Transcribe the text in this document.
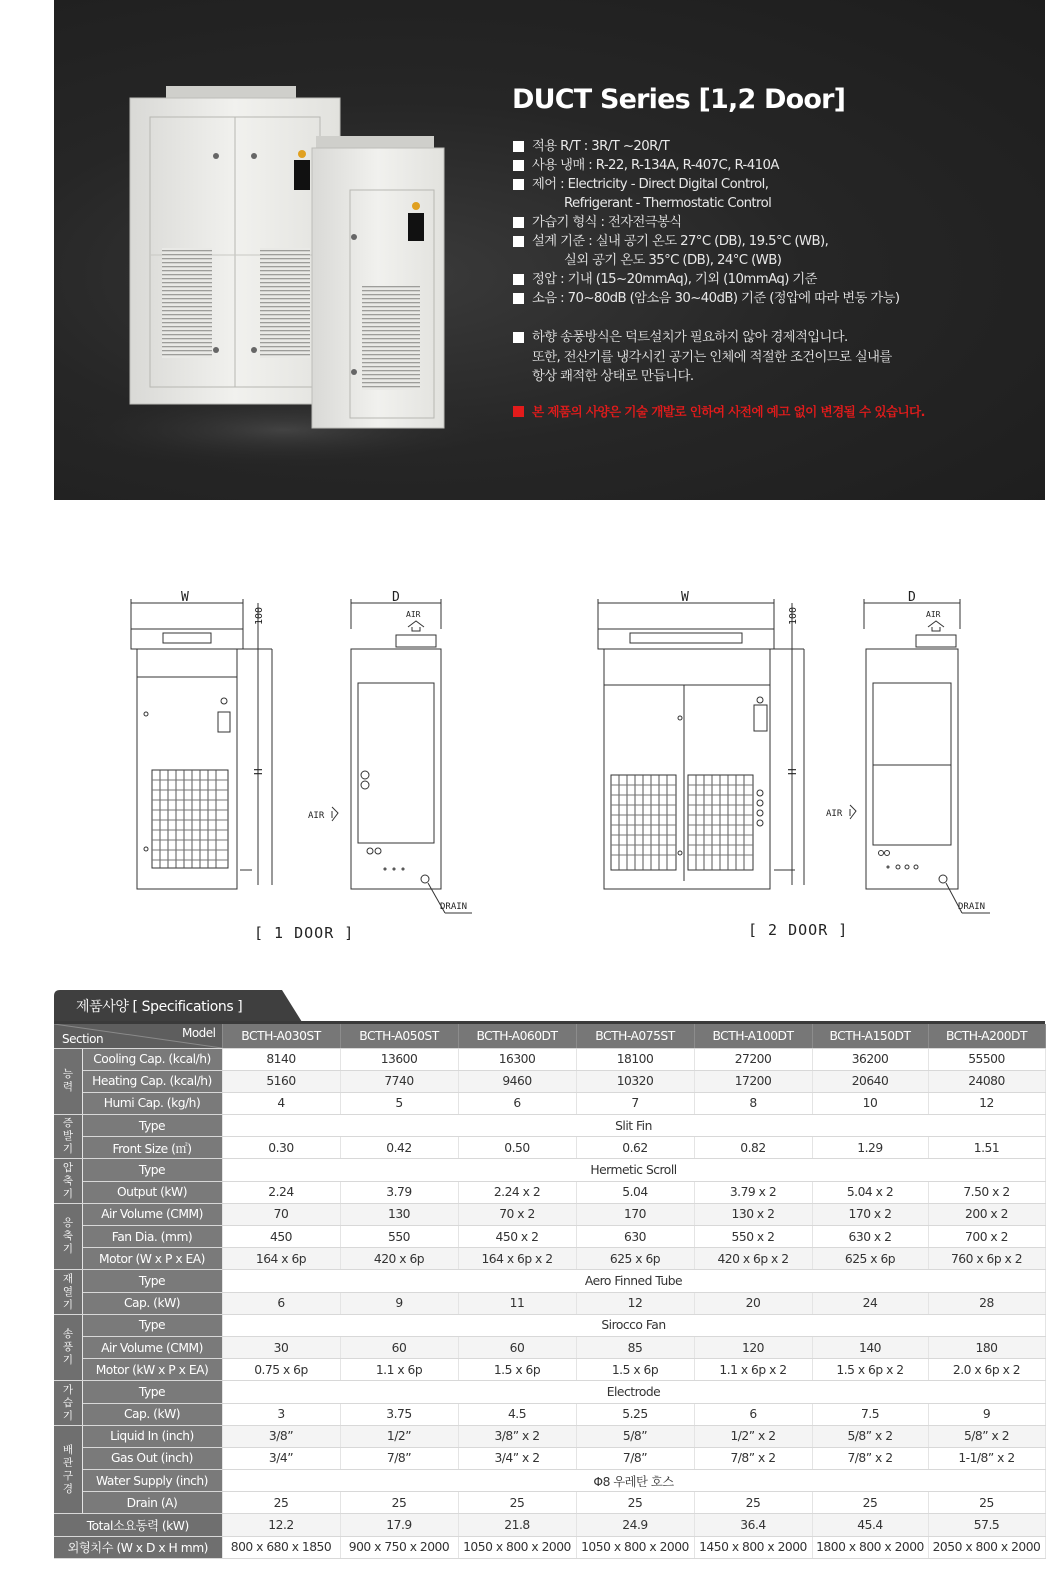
DUCT Series [1,2 Door]
적용 R/T : 3R/T ~20R/T
사용 냉매 : R-22, R-134A, R-407C, R-410A
제어 : Electricity - Direct Digital Control,
Refrigerant - Thermostatic Control
가습기 형식 : 전자전극봉식
설계 기준 : 실내 공기 온도 27°C (DB), 19.5°C (WB),
실외 공기 온도 35°C (DB), 24°C (WB)
정압 : 기내 (15~20mmAq), 기외 (10mmAq) 기준
소음 : 70~80dB (암소음 30~40dB) 기준 (정압에 따라 변동 가능)
하향 송풍방식은 덕트설치가 필요하지 않아 경제적입니다.
또한, 전산기를 냉각시킨 공기는 인체에 적절한 조건이므로 실내를
항상 쾌적한 상태로 만듭니다.
본 제품의 사양은 기술 개발로 인하여 사전에 예고 없이 변경될 수 있습니다.
W
100
H
D
AIR
DRAIN
AIR
W
100
H
D
AIR
DRAIN
AIR
[ 1 DOOR ]	[ 2 DOOR ]
제품사양 [ Specifications ]
Section Model		BCTH-A030ST	BCTH-A050ST	BCTH-A060DT	BCTH-A075ST	BCTH-A100DT	BCTH-A150DT	BCTH-A200DT

능
력	Cooling Cap. (kcal/h)	8140	13600	16300	18100	27200	36200	55500
	Heating Cap. (kcal/h)	5160	7740	9460	10320	17200	20640	24080
	Humi Cap. (kg/h)	4	5	6	7	8	10	12

증
발
기	Type	Slit Fin						
	Front Size (㎡)	0.30	0.42	0.50	0.62	0.82	1.29	1.51

압
축
기	Type	Hermetic Scroll						
	Output (kW)	2.24	3.79	2.24 x 2	5.04	3.79 x 2	5.04 x 2	7.50 x 2

응
축
기	Air Volume (CMM)	70	130	70 x 2	170	130 x 2	170 x 2	200 x 2
	Fan Dia. (mm)	450	550	450 x 2	630	550 x 2	630 x 2	700 x 2
	Motor (W x P x EA)	164 x 6p	420 x 6p	164 x 6p x 2	625 x 6p	420 x 6p x 2	625 x 6p	760 x 6p x 2

재
열
기	Type	Aero Finned Tube						
	Cap. (kW)	6	9	11	12	20	24	28

송
풍
기	Type	Sirocco Fan						
	Air Volume (CMM)	30	60	60	85	120	140	180
	Motor (kW x P x EA)	0.75 x 6p	1.1 x 6p	1.5 x 6p	1.5 x 6p	1.1 x 6p x 2	1.5 x 6p x 2	2.0 x 6p x 2

가
습
기	Type	Electrode						
	Cap. (kW)	3	3.75	4.5	5.25	6	7.5	9

배
관
구
경	Liquid In (inch)	3/8”	1/2”	3/8” x 2	5/8”	1/2” x 2	5/8” x 2	5/8” x 2
	Gas Out (inch)	3/4”	7/8”	3/4” x 2	7/8”	7/8” x 2	7/8” x 2	1-1/8” x 2
	Water Supply (inch)	Φ8 우레탄 호스						
	Drain (A)	25	25	25	25	25	25	25
Total소요동력 (kW)		12.2	17.9	21.8	24.9	36.4	45.4	57.5
외형치수 (W x D x H mm)		800 x 680 x 1850	900 x 750 x 2000	1050 x 800 x 2000	1050 x 800 x 2000	1450 x 800 x 2000	1800 x 800 x 2000	2050 x 800 x 2000
